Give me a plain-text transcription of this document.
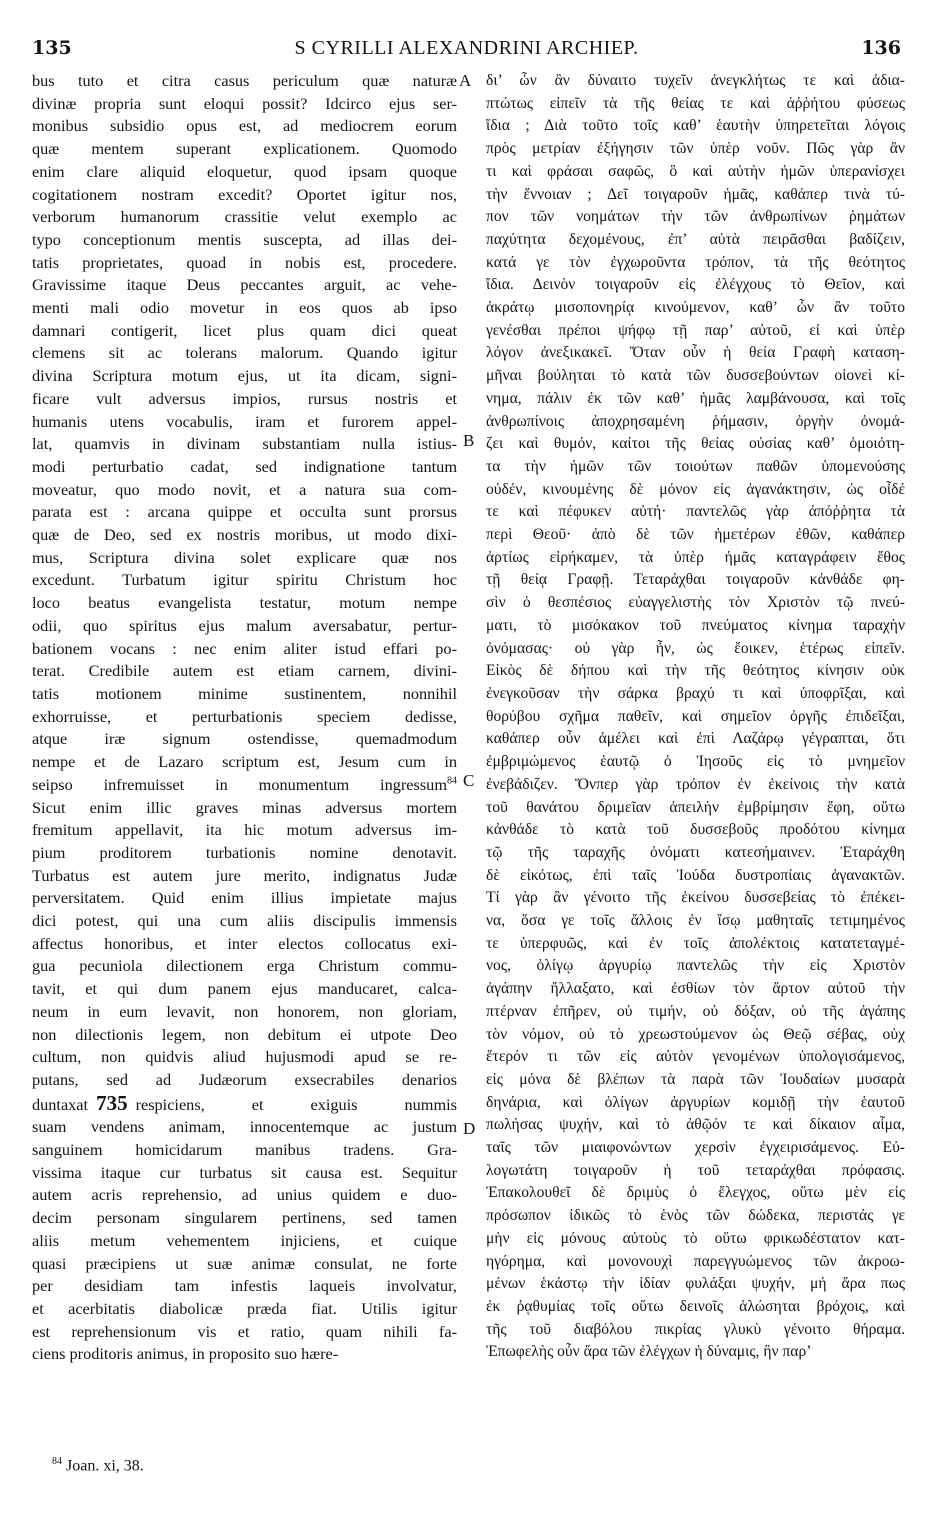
135	S CYRILLI ALEXANDRINI ARCHIEP.	136
bus tuto et citra casus periculum quæ naturæ
divinæ propria sunt eloqui possit? Idcirco ejus ser-
monibus subsidio opus est, ad mediocrem eorum
quæ mentem superant explicationem. Quomodo
enim clare aliquid eloquetur, quod ipsam quoque
cogitationem nostram excedit? Oportet igitur nos,
verborum humanorum crassitie velut exemplo ac
typo conceptionum mentis suscepta, ad illas dei-
tatis proprietates, quoad in nobis est, procedere.
Gravissime itaque Deus peccantes arguit, ac vehe-
menti mali odio movetur in eos quos ab ipso
damnari contigerit, licet plus quam dici queat
clemens sit ac tolerans malorum. Quando igitur
divina Scriptura motum ejus, ut ita dicam, signi-
ficare vult adversus impios, rursus nostris et
humanis utens vocabulis, iram et furorem appel-
lat, quamvis in divinam substantiam nulla istius-
modi perturbatio cadat, sed indignatione tantum
moveatur, quo modo novit, et a natura sua com-
parata est : arcana quippe et occulta sunt prorsus
quæ de Deo, sed ex nostris moribus, ut modo dixi-
mus, Scriptura divina solet explicare quæ nos
excedunt. Turbatum igitur spiritu Christum hoc
loco beatus evangelista testatur, motum nempe
odii, quo spiritus ejus malum aversabatur, pertur-
bationem vocans : nec enim aliter istud effari po-
terat. Credibile autem est etiam carnem, divini-
tatis motionem minime sustinentem, nonnihil
exhorruisse, et perturbationis speciem dedisse,
atque iræ signum ostendisse, quemadmodum
nempe et de Lazaro scriptum est, Jesum cum in
seipso infremuisset in monumentum ingressum$^{84}$
Sicut enim illic graves minas adversus mortem
fremitum appellavit, ita hic motum adversus im-
pium proditorem turbationis nomine denotavit.
Turbatus est autem jure merito, indignatus Judæ
perversitatem. Quid enim illius impietate majus
dici potest, qui una cum aliis discipulis immensis
affectus honoribus, et inter electos collocatus exi-
gua pecuniola dilectionem erga Christum commu-
tavit, et qui dum panem ejus manducaret, calca-
neum in eum levavit, non honorem, non gloriam,
non dilectionis legem, non debitum ei utpote Deo
cultum, non quidvis aliud hujusmodi apud se re-
putans, sed ad Judæorum exsecrabiles denarios
duntaxat 735 respiciens, et exiguis nummis
suam vendens animam, innocentemque ac justum
sanguinem homicidarum manibus tradens. Gra-
vissima itaque cur turbatus sit causa est. Sequitur
autem acris reprehensio, ad unius quidem e duo-
decim personam singularem pertinens, sed tamen
aliis metum vehementem injiciens, et cuique
quasi præcipiens ut suæ animæ consulat, ne forte
per desidiam tam infestis laqueis involvatur,
et acerbitatis diabolicæ præda fiat. Utilis igitur
est reprehensionum vis et ratio, quam nihili fa-
ciens proditoris animus, in proposito suo hære-
δι’ ὧν ἂν δύναιτο τυχεῖν ἀνεγκλήτως τε καὶ ἀδια-
πτώτως εἰπεῖν τὰ τῆς θείας τε καὶ ἀῤῥήτου φύσεως
ἴδια ; Διὰ τοῦτο τοῖς καθ’ ἑαυτὴν ὑπηρετεῖται λόγοις
πρὸς μετρίαν ἐξήγησιν τῶν ὑπὲρ νοῦν. Πῶς γὰρ ἂν
τι καὶ φράσαι σαφῶς, ὃ καὶ αὐτὴν ἡμῶν ὑπερανίσχει
τὴν ἔννοιαν ; Δεῖ τοιγαροῦν ἡμᾶς, καθάπερ τινὰ τύ-
πον τῶν νοημάτων τὴν τῶν ἀνθρωπίνων ῥημάτων
παχύτητα δεχομένους, ἐπ’ αὐτὰ πειρᾶσθαι βαδίζειν,
κατά γε τὸν ἐγχωροῦντα τρόπον, τὰ τῆς θεότητος
ἴδια. Δεινὸν τοιγαροῦν εἰς ἐλέγχους τὸ Θεῖον, καὶ
ἀκράτῳ μισοπονηρίᾳ κινούμενον, καθ’ ὧν ἂν τοῦτο
γενέσθαι πρέποι ψήφῳ τῇ παρ’ αὐτοῦ, εἰ καὶ ὑπὲρ
λόγον ἀνεξικακεῖ. Ὅταν οὖν ἡ θεία Γραφὴ καταση-
μῆναι βούληται τὸ κατὰ τῶν δυσσεβούντων οἱονεὶ κί-
νημα, πάλιν ἐκ τῶν καθ’ ἡμᾶς λαμβάνουσα, καὶ τοῖς
ἀνθρωπίνοις ἀποχρησαμένη ῥήμασιν, ὀργὴν ὀνομά-
ζει καὶ θυμόν, καίτοι τῆς θείας οὐσίας καθ’ ὁμοιότη-
τα τὴν ἡμῶν τῶν τοιούτων παθῶν ὑπομενούσης
οὐδέν, κινουμένης δὲ μόνον εἰς ἀγανάκτησιν, ὡς οἶδέ
τε καὶ πέφυκεν αὐτή· παντελῶς γὰρ ἀπόῤῥητα τὰ
περὶ Θεοῦ· ἀπὸ δὲ τῶν ἡμετέρων ἐθῶν, καθάπερ
ἀρτίως εἰρήκαμεν, τὰ ὑπὲρ ἡμᾶς καταγράφειν ἔθος
τῇ θείᾳ Γραφῇ. Τεταράχθαι τοιγαροῦν κἀνθάδε φη-
σὶν ὁ θεσπέσιος εὐαγγελιστὴς τὸν Χριστὸν τῷ πνεύ-
ματι, τὸ μισόκακον τοῦ πνεύματος κίνημα ταραχὴν
ὀνόμασας· οὐ γὰρ ἦν, ὡς ἔοικεν, ἑτέρως εἰπεῖν.
Εἰκὸς δὲ δήπου καὶ τὴν τῆς θεότητος κίνησιν οὐκ
ἐνεγκοῦσαν τὴν σάρκα βραχύ τι καὶ ὑποφρῖξαι, καὶ
θορύβου σχῆμα παθεῖν, καὶ σημεῖον ὀργῆς ἐπιδεῖξαι,
καθάπερ οὖν ἀμέλει καὶ ἐπὶ Λαζάρῳ γέγραπται, ὅτι
ἐμβριμώμενος ἑαυτῷ ὁ Ἰησοῦς εἰς τὸ μνημεῖον
ἐνεβάδιζεν. Ὅνπερ γὰρ τρόπον ἐν ἐκείνοις τὴν κατὰ
τοῦ θανάτου δριμεῖαν ἀπειλὴν ἐμβρίμησιν ἔφη, οὕτω
κἀνθάδε τὸ κατὰ τοῦ δυσσεβοῦς προδότου κίνημα
τῷ τῆς ταραχῆς ὀνόματι κατεσήμαινεν. Ἐταράχθη
δὲ εἰκότως, ἐπὶ ταῖς Ἰούδα δυστροπίαις ἀγανακτῶν.
Τί γὰρ ἂν γένοιτο τῆς ἐκείνου δυσσεβείας τὸ ἐπέκει-
να, ὅσα γε τοῖς ἄλλοις ἐν ἴσῳ μαθηταῖς τετιμημένος
τε ὑπερφυῶς, καὶ ἐν τοῖς ἀπολέκτοις κατατεταγμέ-
νος, ὀλίγῳ ἀργυρίῳ παντελῶς τὴν εἰς Χριστὸν
ἀγάπην ἤλλαξατο, καὶ ἐσθίων τὸν ἄρτον αὐτοῦ τὴν
πτέρναν ἐπῆρεν, οὐ τιμήν, οὐ δόξαν, οὐ τῆς ἀγάπης
τὸν νόμον, οὐ τὸ χρεωστούμενον ὡς Θεῷ σέβας, οὐχ
ἕτερόν τι τῶν εἰς αὐτὸν γενομένων ὑπολογισάμενος,
εἰς μόνα δὲ βλέπων τὰ παρὰ τῶν Ἰουδαίων μυσαρὰ
δηνάρια, καὶ ὀλίγων ἀργυρίων κομιδῇ τὴν ἑαυτοῦ
πωλήσας ψυχήν, καὶ τὸ ἀθῷόν τε καὶ δίκαιον αἷμα,
ταῖς τῶν μιαιφονώντων χερσὶν ἐγχειρισάμενος. Εὐ-
λογωτάτη τοιγαροῦν ἡ τοῦ τεταράχθαι πρόφασις.
Ἐπακολουθεῖ δὲ δριμὺς ὁ ἔλεγχος, οὕτω μὲν εἰς
πρόσωπον ἰδικῶς τὸ ἑνὸς τῶν δώδεκα, περιστάς γε
μὴν εἰς μόνους αὐτοὺς τὸ οὕτω φρικωδέστατον κατ-
ηγόρημα, καὶ μονονουχὶ παρεγγυώμενος τῶν ἀκροω-
μένων ἑκάστῳ τὴν ἰδίαν φυλάξαι ψυχήν, μή ἄρα πως
ἐκ ῥᾳθυμίας τοῖς οὕτω δεινοῖς ἁλώσηται βρόχοις, καὶ
τῆς τοῦ διαβόλου πικρίας γλυκὺ γένοιτο θήραμα.
Ἐπωφελὴς οὖν ἄρα τῶν ἐλέγχων ἡ δύναμις, ἣν παρ’
A
B
C
D
$^{84}$ Joan. xi, 38.
